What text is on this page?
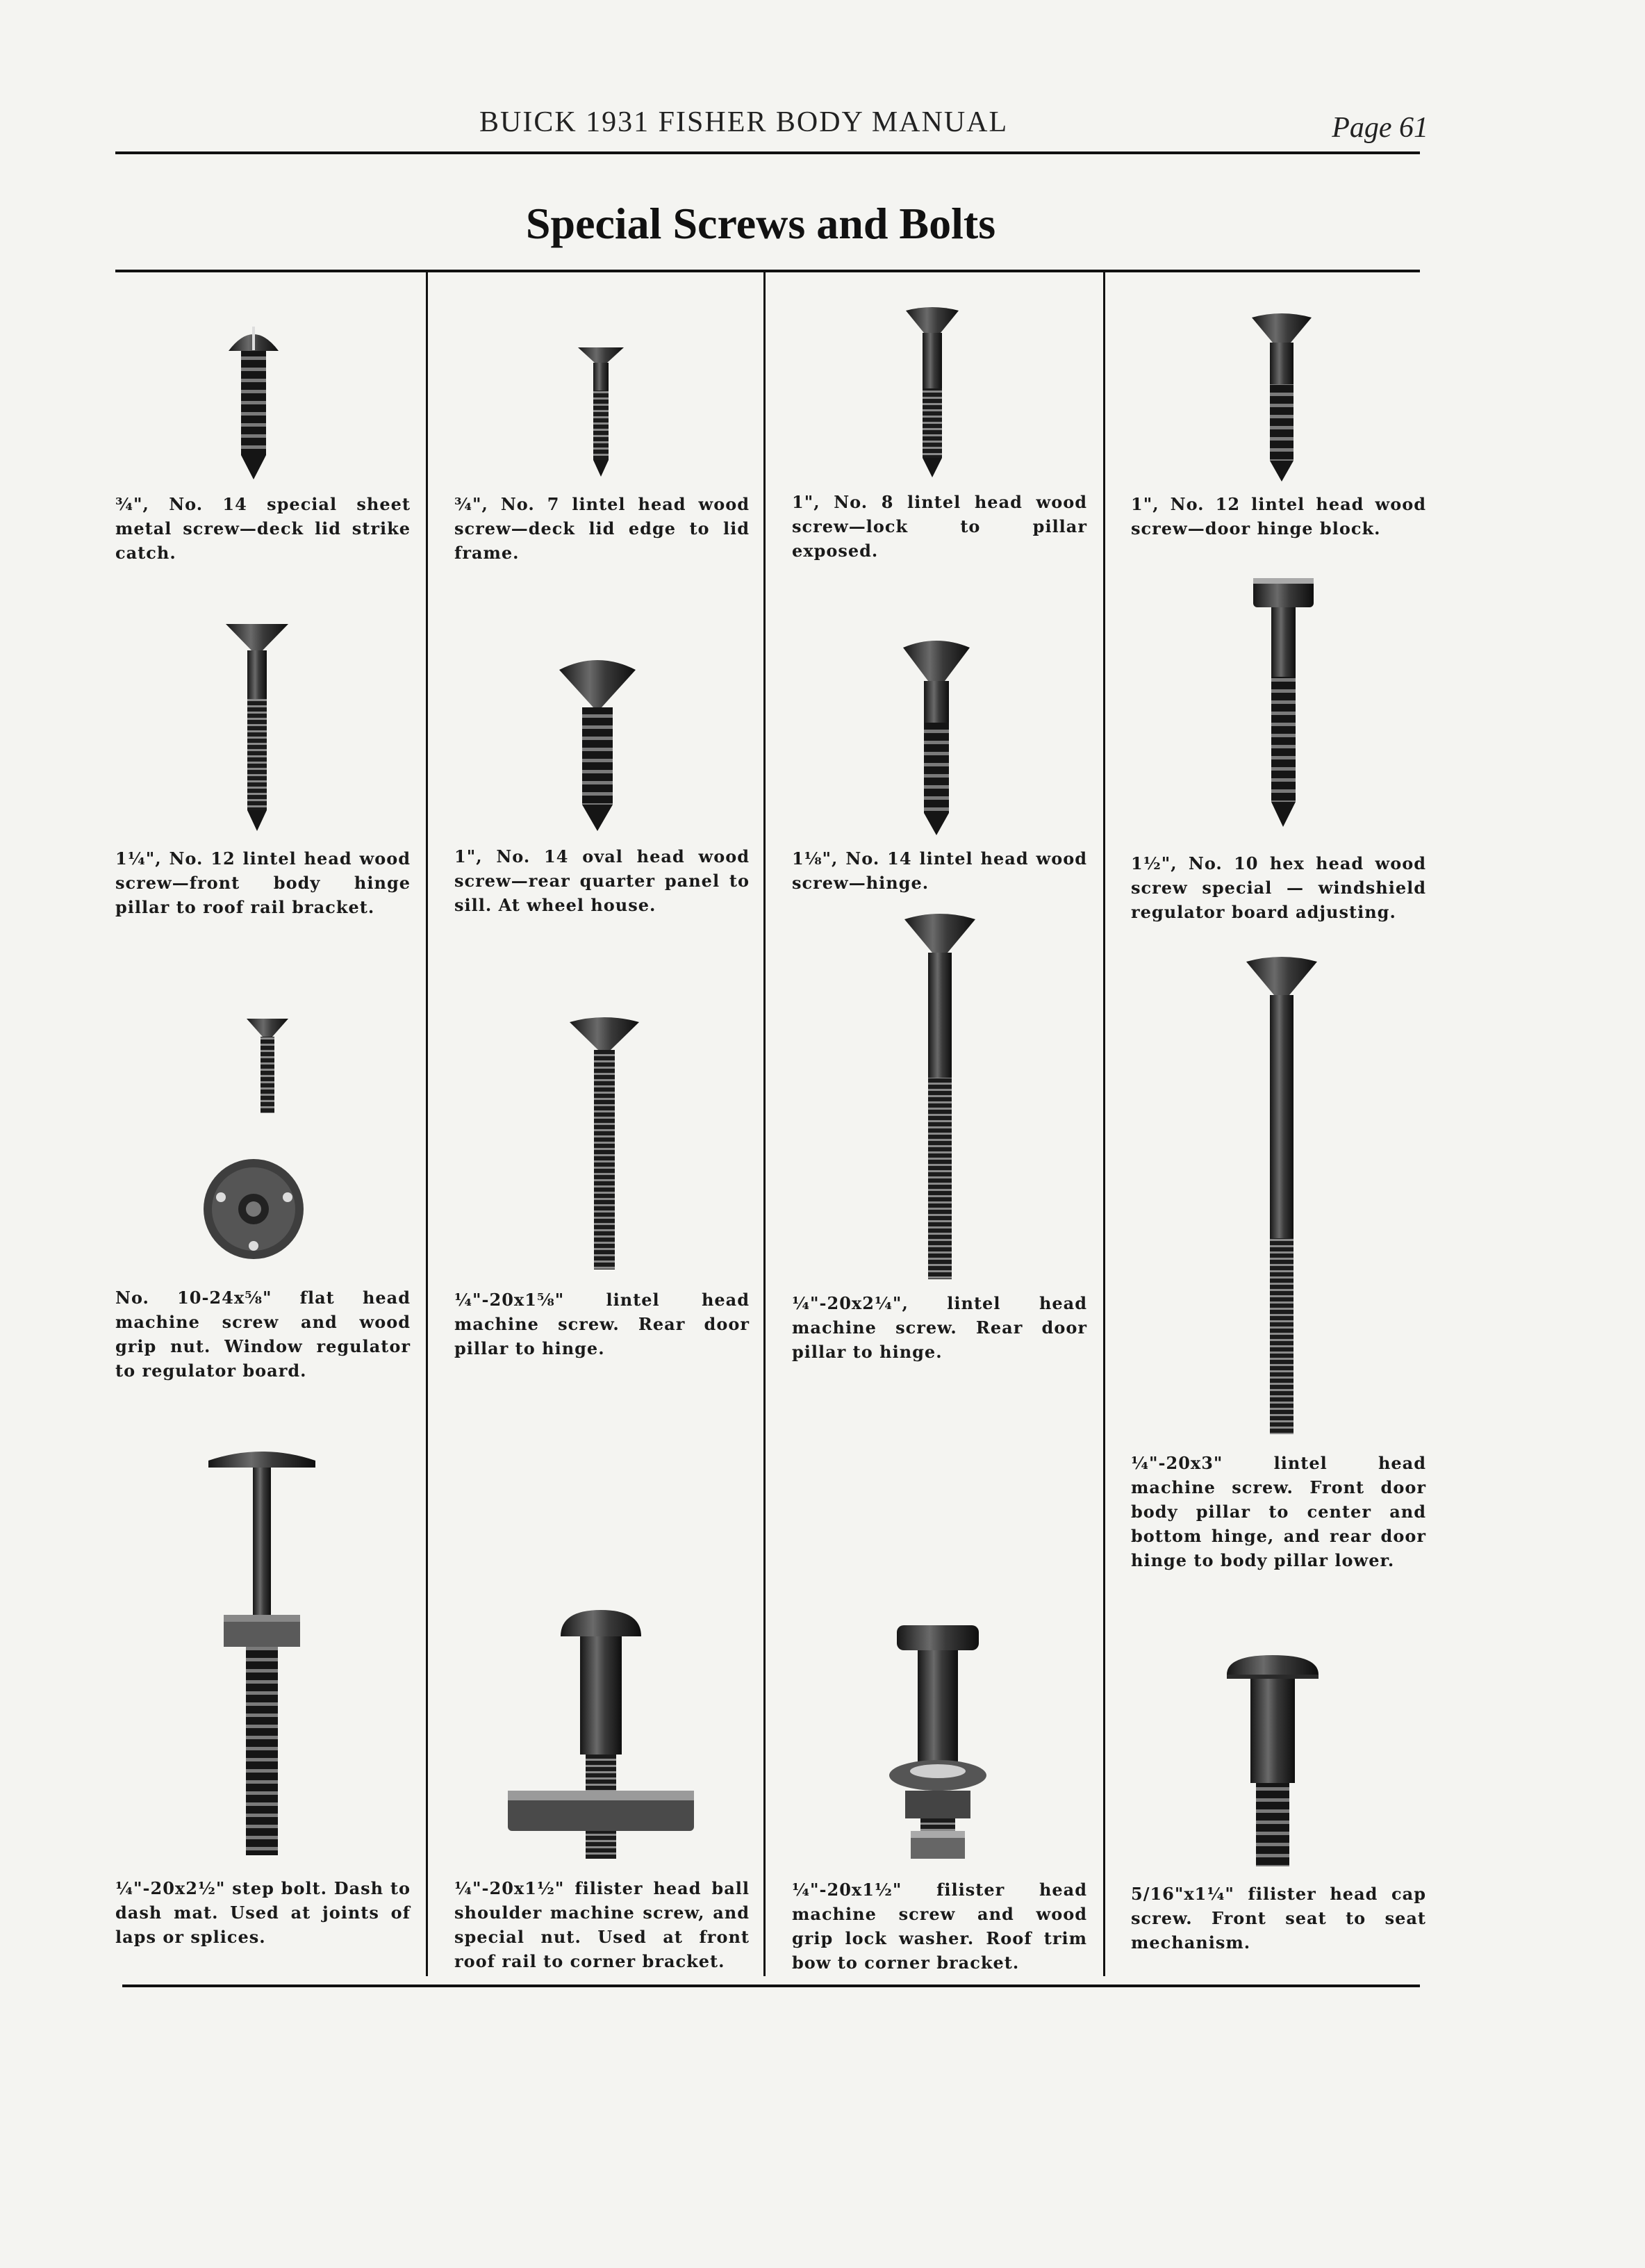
BUICK 1931 FISHER BODY MANUAL	Page 61
Special Screws and Bolts
¾", No. 14 special sheet metal screw—deck lid strike catch.
1¼", No. 12 lintel head wood screw—front body hinge pillar to roof rail bracket.
No. 10-24x⅝" flat head machine screw and wood grip nut. Window regulator to regulator board.
¼"-20x2½" step bolt. Dash to dash mat. Used at joints of laps or splices.
¾", No. 7 lintel head wood screw—deck lid edge to lid frame.
1", No. 14 oval head wood screw—rear quarter panel to sill. At wheel house.
¼"-20x1⅝" lintel head machine screw. Rear door pillar to hinge.
¼"-20x1½" filister head ball shoulder machine screw, and special nut. Used at front roof rail to corner bracket.
1", No. 8 lintel head wood screw—lock to pillar exposed.
1⅛", No. 14 lintel head wood screw—hinge.
¼"-20x2¼", lintel head machine screw. Rear door pillar to hinge.
¼"-20x1½" filister head machine screw and wood grip lock washer. Roof trim bow to corner bracket.
1", No. 12 lintel head wood screw—door hinge block.
1½", No. 10 hex head wood screw special — windshield regulator board adjusting.
¼"-20x3" lintel head machine screw. Front door body pillar to center and bottom hinge, and rear door hinge to body pillar lower.
5/16"x1¼" filister head cap screw. Front seat to seat mechanism.
